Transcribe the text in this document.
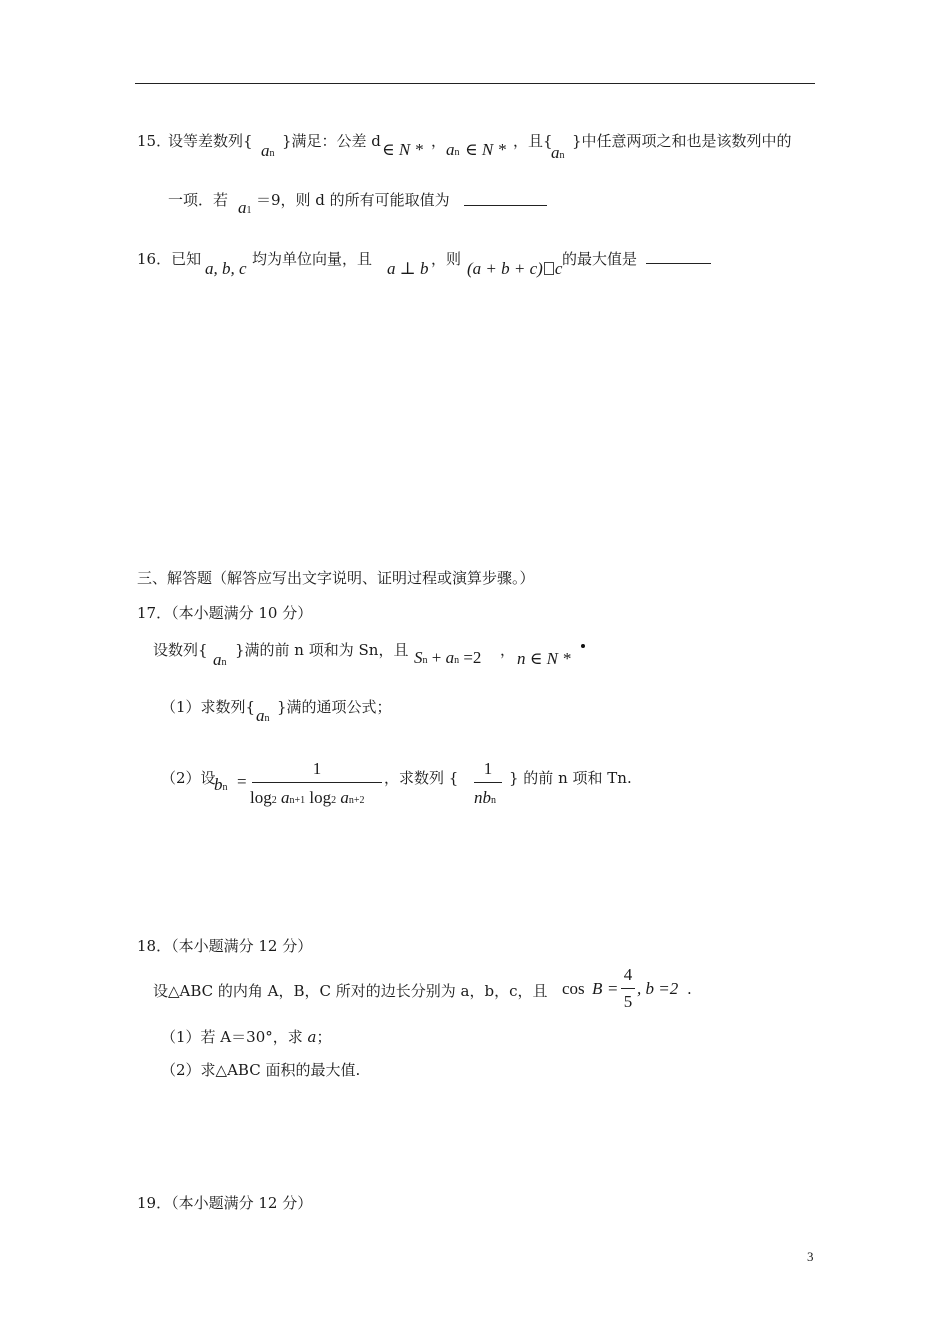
15．
设等差数列{ an
}满足：公差 d ∈ N * ， an ∈ N * ，且{
an
}中任意两项之和也是该数列中的
一项．若 a1
＝9，则 d 的所有可能取值为
16．已知 a, b, c 均为单位向量，且 a ⊥ b ，则 (a + b + c) c 的最大值是
三、解答题（解答应写出文字说明、证明过程或演算步骤。）
17．（本小题满分 10 分）
设数列{ an
}满的前 n 项和为 Sn，且 Sn + an =2 ， n ∈ N *
（1）求数列{ an
}满的通项公式；
（2）设
bn =
1
log2 an+1 log2 an+2
，求数列 {	1
nbn
} 的前 n 项和 Tn.
18．（本小题满分 12 分）
设△ABC 的内角 A，B，C 所对的边长分别为 a，b，c，且 cos B =
4
5
, b =2 .
（1）若 A＝30°，求 a；
（2）求△ABC 面积的最大值.
19．（本小题满分 12 分）
3
